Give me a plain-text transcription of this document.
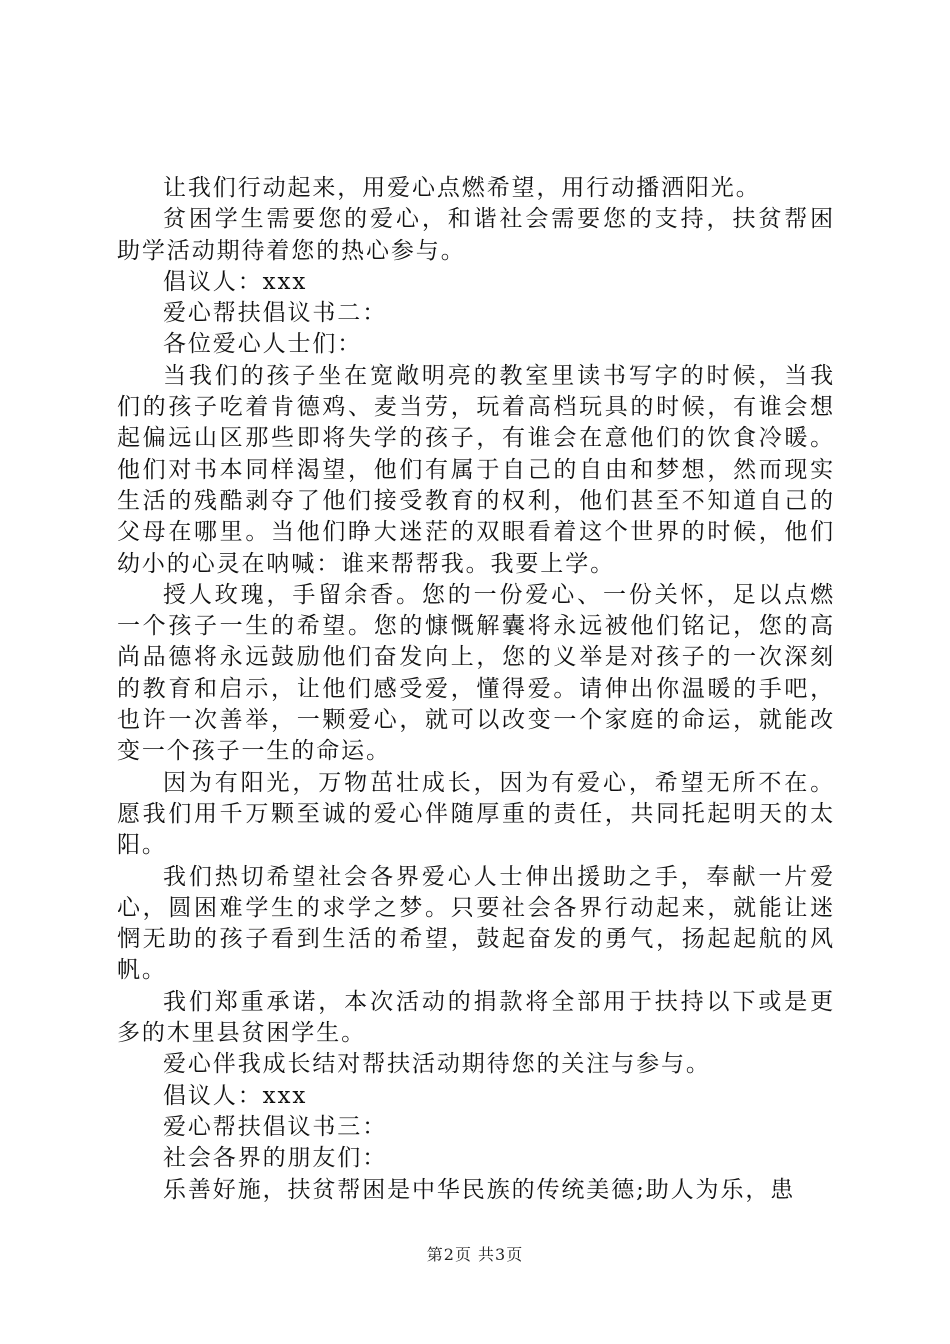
让我们行动起来，用爱心点燃希望，用行动播洒阳光。

贫困学生需要您的爱心，和谐社会需要您的支持，扶贫帮困助学活动期待着您的热心参与。

倡议人：xxx

爱心帮扶倡议书二：

各位爱心人士们：

当我们的孩子坐在宽敞明亮的教室里读书写字的时候，当我们的孩子吃着肯德鸡、麦当劳，玩着高档玩具的时候，有谁会想起偏远山区那些即将失学的孩子，有谁会在意他们的饮食冷暖。他们对书本同样渴望，他们有属于自己的自由和梦想，然而现实生活的残酷剥夺了他们接受教育的权利，他们甚至不知道自己的父母在哪里。当他们睁大迷茫的双眼看着这个世界的时候，他们幼小的心灵在呐喊：谁来帮帮我。我要上学。

授人玫瑰，手留余香。您的一份爱心、一份关怀，足以点燃一个孩子一生的希望。您的慷慨解囊将永远被他们铭记，您的高尚品德将永远鼓励他们奋发向上，您的义举是对孩子的一次深刻的教育和启示，让他们感受爱，懂得爱。请伸出你温暖的手吧，也许一次善举，一颗爱心，就可以改变一个家庭的命运，就能改变一个孩子一生的命运。

因为有阳光，万物茁壮成长，因为有爱心，希望无所不在。愿我们用千万颗至诚的爱心伴随厚重的责任，共同托起明天的太阳。

我们热切希望社会各界爱心人士伸出援助之手，奉献一片爱心，圆困难学生的求学之梦。只要社会各界行动起来，就能让迷惘无助的孩子看到生活的希望，鼓起奋发的勇气，扬起起航的风帆。

我们郑重承诺，本次活动的捐款将全部用于扶持以下或是更多的木里县贫困学生。

爱心伴我成长结对帮扶活动期待您的关注与参与。

倡议人：xxx

爱心帮扶倡议书三：

社会各界的朋友们：

乐善好施，扶贫帮困是中华民族的传统美德;助人为乐，患

第2页 共3页
